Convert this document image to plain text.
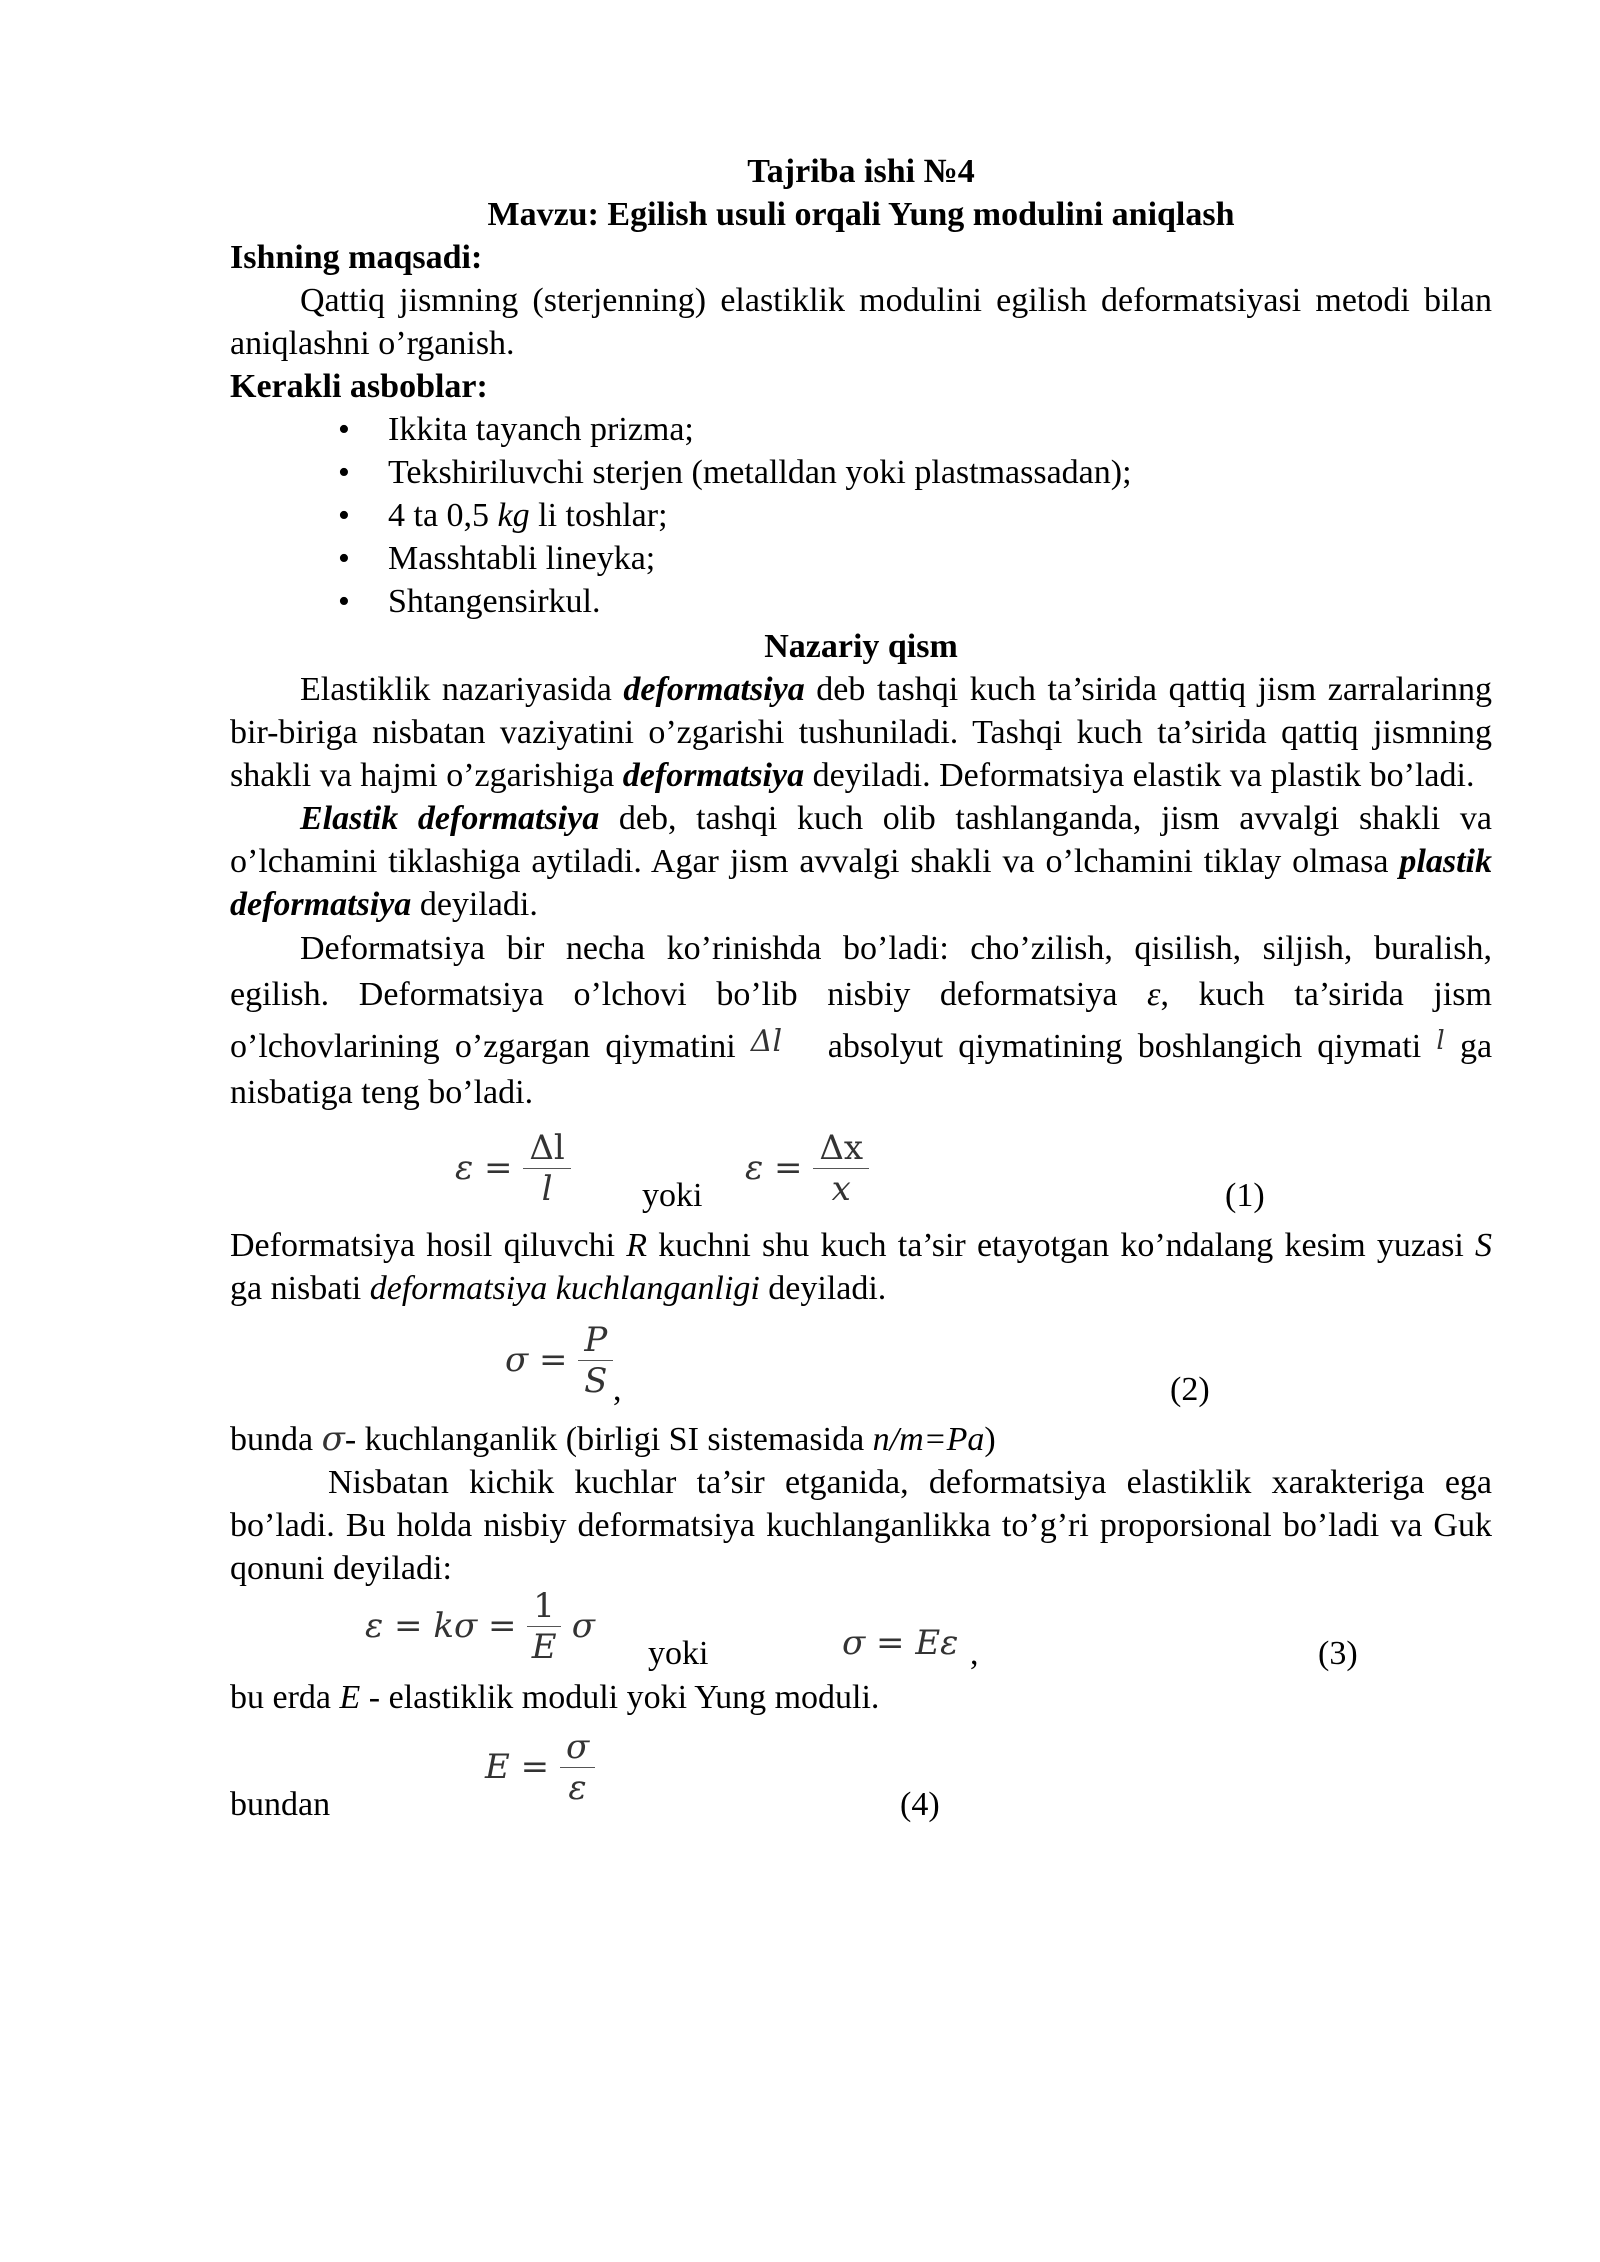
Tajriba ishi №4

Mavzu: Egilish usuli orqali Yung modulini aniqlash

Ishning maqsadi:

Qattiq jismning (sterjenning) elastiklik modulini egilish deformatsiyasi metodi bilan aniqlashni o’rganish.

Kerakli asboblar:

• Ikkita tayanch prizma;
• Tekshiriluvchi sterjen (metalldan yoki plastmassadan);
• 4 ta 0,5 kg li toshlar;
• Masshtabli lineyka;
• Shtangensirkul.

Nazariy qism

Elastiklik nazariyasida deformatsiya deb tashqi kuch ta’sirida qattiq jism zarralarinng bir-biriga nisbatan vaziyatini o’zgarishi tushuniladi. Tashqi kuch ta’sirida qattiq jismning shakli va hajmi o’zgarishiga deformatsiya deyiladi. Deformatsiya elastik va plastik bo’ladi.

Elastik deformatsiya deb, tashqi kuch olib tashlanganda, jism avvalgi shakli va o’lchamini tiklashiga aytiladi. Agar jism avvalgi shakli va o’lchamini tiklay olmasa plastik deformatsiya deyiladi.

Deformatsiya bir necha ko’rinishda bo’ladi: cho’zilish, qisilish, siljish, buralish, egilish. Deformatsiya o’lchovi bo’lib nisbiy deformatsiya ε, kuch ta’sirida jism o’lchovlarining o’zgargan qiymatini Δl   absolyut qiymatining boshlangich qiymati $^l$ ga nisbatiga teng bo’ladi.

$\varepsilon = \frac{\Delta l}{l}$ yoki
$\varepsilon = \frac{\Delta x}{x}$	(1)

Deformatsiya hosil qiluvchi R kuchni shu kuch ta’sir etayotgan ko’ndalang kesim yuzasi S ga nisbati deformatsiya kuchlanganligi deyiladi.

$\sigma = \frac{P}{S}$ ,	(2)

bunda σ- kuchlanganlik (birligi SI sistemasida n/m=Pa)

Nisbatan kichik kuchlar ta’sir etganida, deformatsiya elastiklik xarakteriga ega bo’ladi. Bu holda nisbiy deformatsiya kuchlanganlikka to’g’ri proporsional bo’ladi va Guk qonuni deyiladi:

$\varepsilon = k\sigma = \frac{1}{E}$ σ
yoki	σ = Eε ,	(3)

bu erda E - elastiklik moduli yoki Yung moduli.

bundan
$E = \frac{\sigma}{\varepsilon}$	(4)
